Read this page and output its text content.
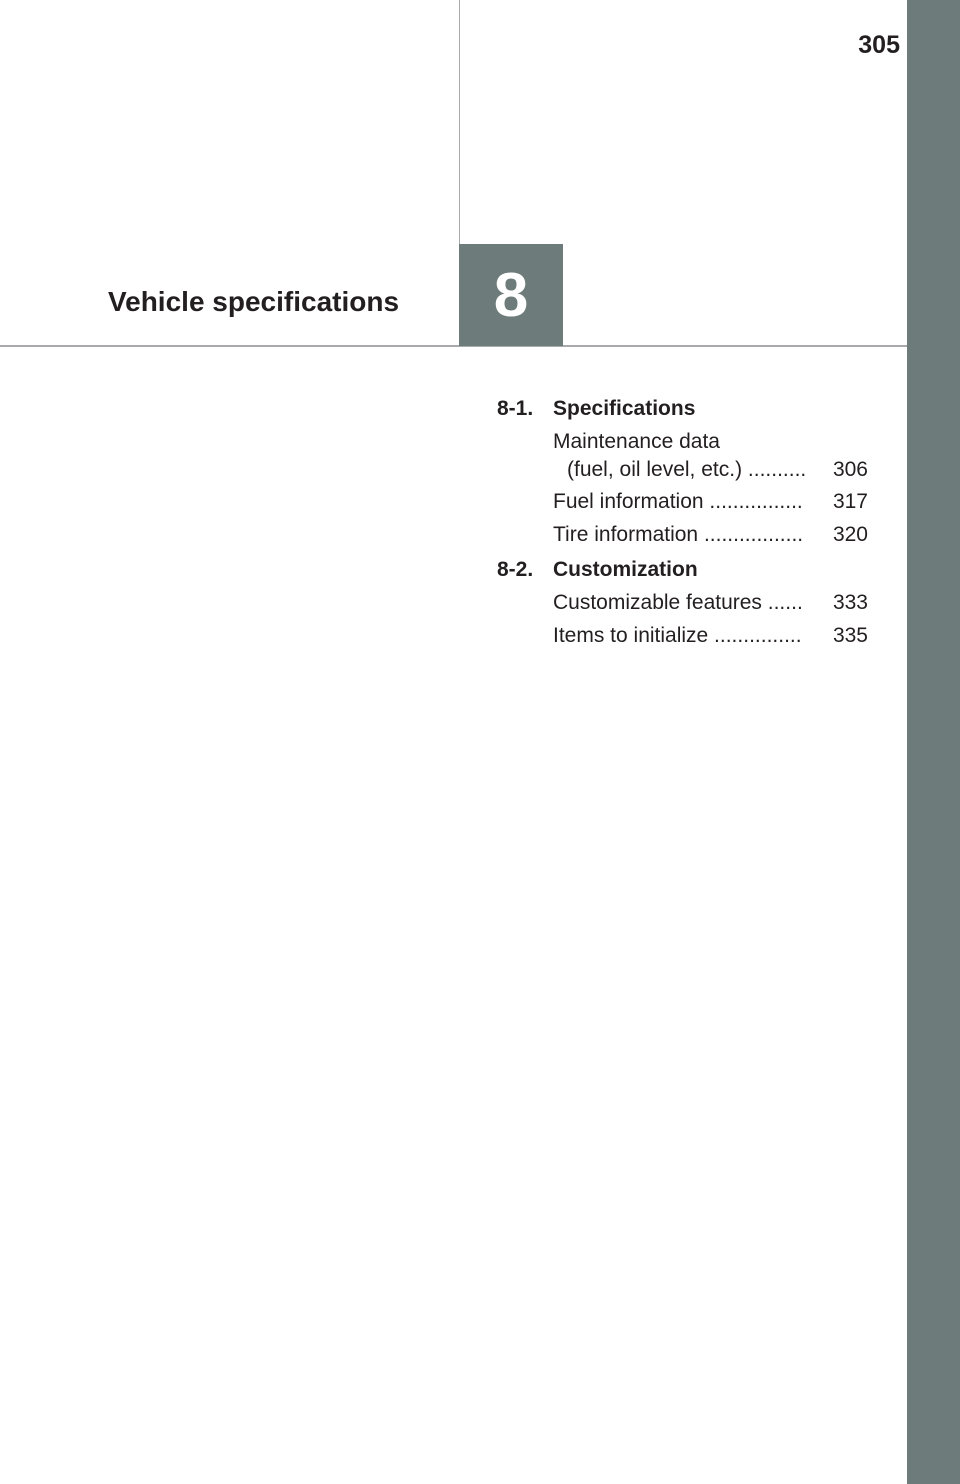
305
Vehicle specifications 8
8-1. Specifications
Maintenance data
(fuel, oil level, etc.) .......... 306
Fuel information ................ 317
Tire information ................. 320
8-2. Customization
Customizable features ...... 333
Items to initialize ............... 335
